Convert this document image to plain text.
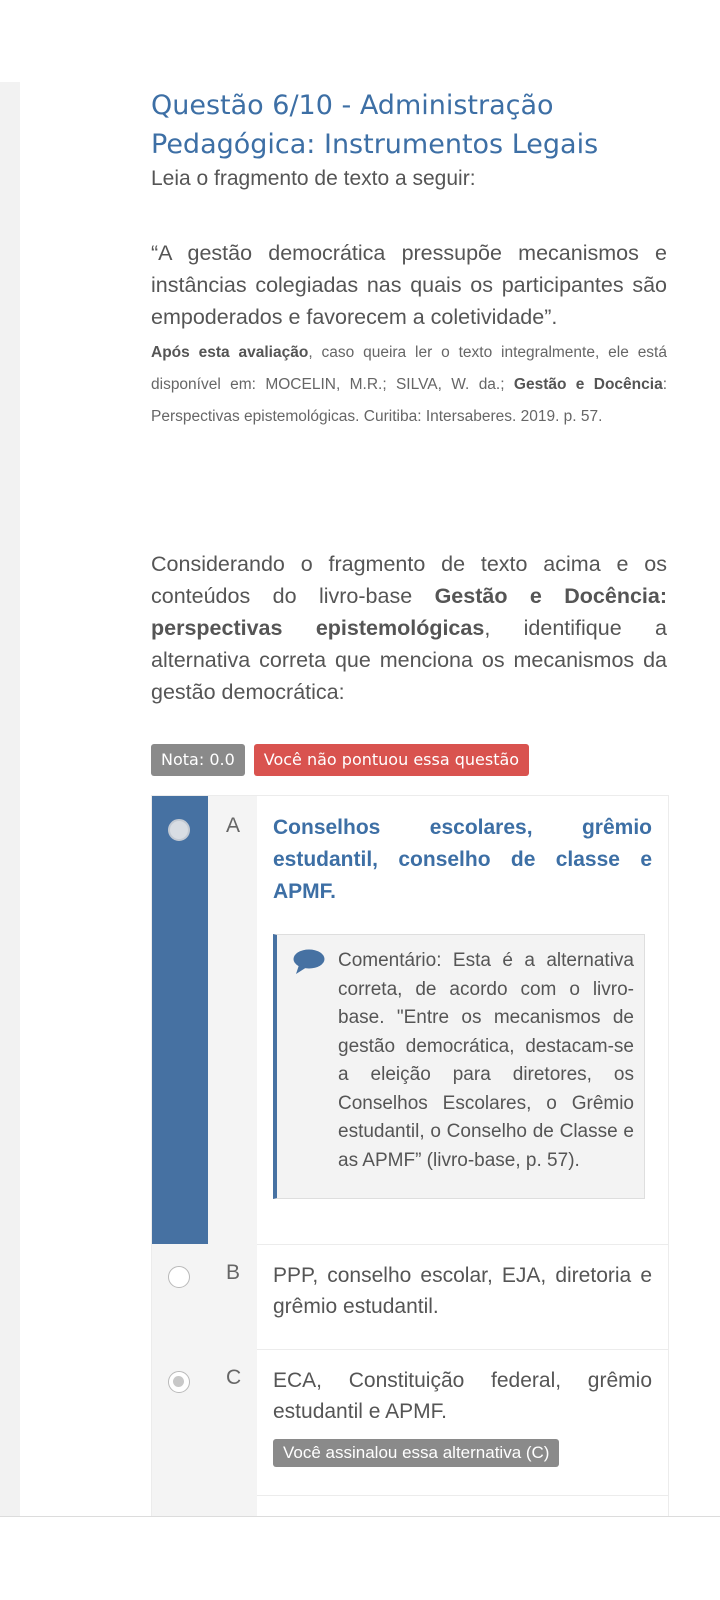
Questão 6/10 - Administração Pedagógica: Instrumentos Legais

Leia o fragmento de texto a seguir:

“A gestão democrática pressupõe mecanismos e instâncias colegiadas nas quais os participantes são empoderados e favorecem a coletividade”.

Após esta avaliação, caso queira ler o texto integralmente, ele está disponível em: MOCELIN, M.R.; SILVA, W. da.; Gestão e Docência: Perspectivas epistemológicas. Curitiba: Intersaberes. 2019. p. 57.

Considerando o fragmento de texto acima e os conteúdos do livro-base Gestão e Docência: perspectivas epistemológicas, identifique a alternativa correta que menciona os mecanismos da gestão democrática:

Nota: 0.0	Você não pontuou essa questão
A Conselhos escolares, grêmio estudantil, conselho de classe e APMF.
Comentário: Esta é a alternativa correta, de acordo com o livro-base. "Entre os mecanismos de gestão democrática, destacam-se a eleição para diretores, os Conselhos Escolares, o Grêmio estudantil, o Conselho de Classe e as APMF” (livro-base, p. 57).
B PPP, conselho escolar, EJA, diretoria e grêmio estudantil.
C ECA, Constituição federal, grêmio estudantil e APMF.
Você assinalou essa alternativa (C)
